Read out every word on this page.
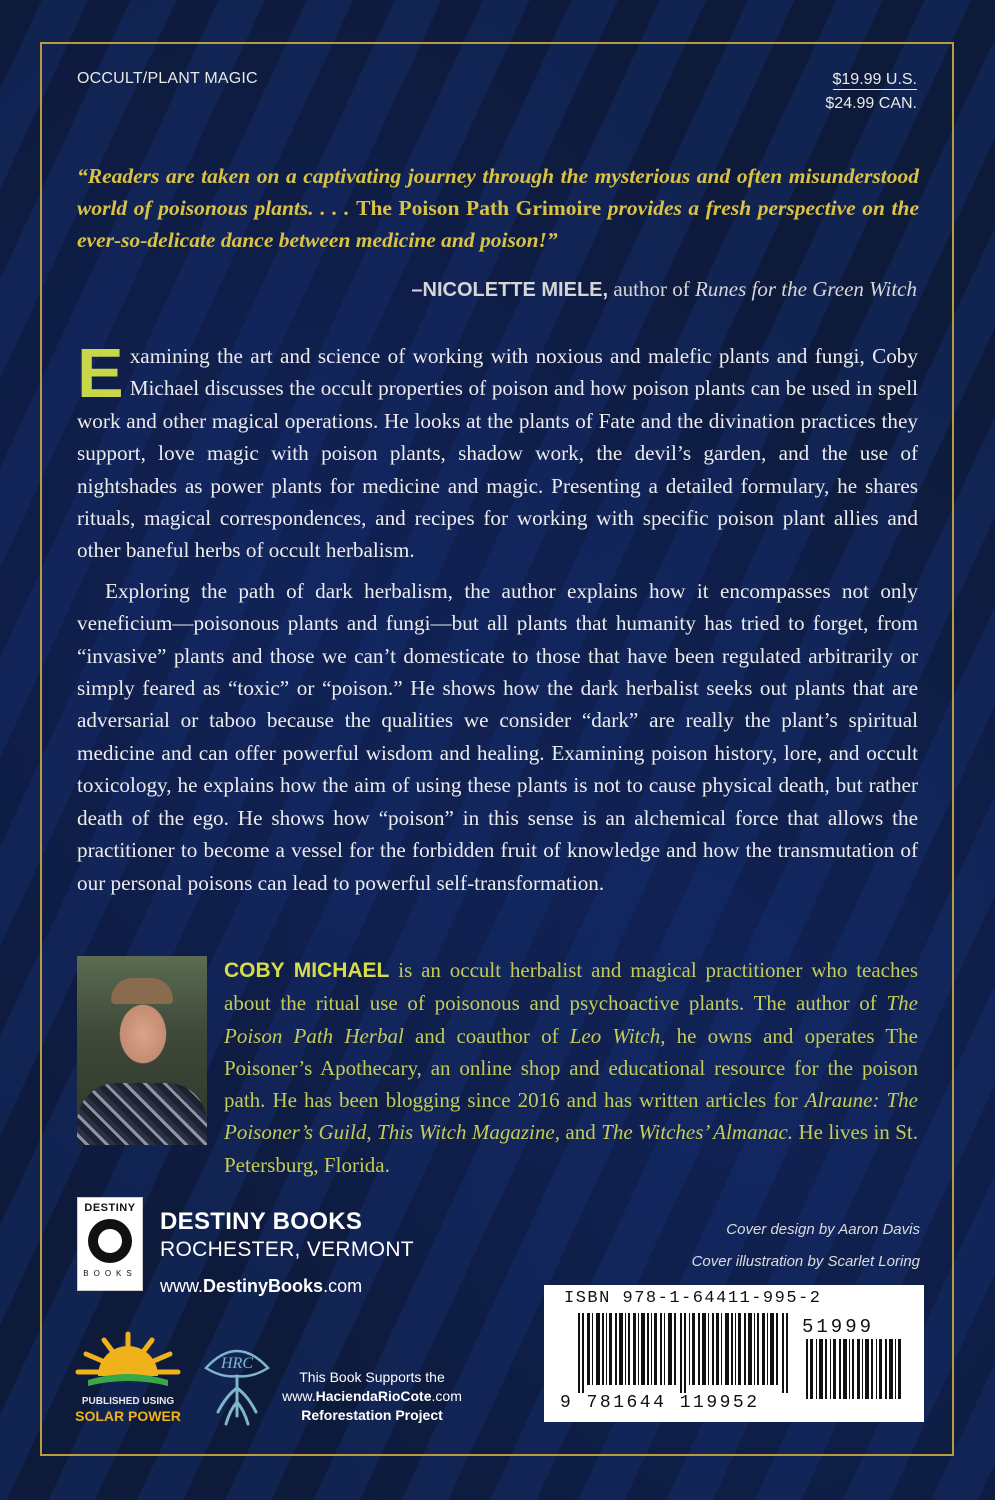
OCCULT/PLANT MAGIC	$19.99 U.S.
$24.99 CAN.
“Readers are taken on a captivating journey through the mysterious and often misunderstood world of poisonous plants. . . . The Poison Path Grimoire provides a fresh perspective on the ever-so-delicate dance between medicine and poison!”
–NICOLETTE MIELE, author of Runes for the Green Witch

Examining the art and science of working with noxious and malefic plants and fungi, Coby Michael discusses the occult properties of poison and how poison plants can be used in spell work and other magical operations. He looks at the plants of Fate and the divination practices they support, love magic with poison plants, shadow work, the devil’s garden, and the use of nightshades as power plants for medicine and magic. Presenting a detailed formulary, he shares rituals, magical correspondences, and recipes for working with specific poison plant allies and other baneful herbs of occult herbalism.

Exploring the path of dark herbalism, the author explains how it encompasses not only veneficium—poisonous plants and fungi—but all plants that humanity has tried to forget, from “invasive” plants and those we can’t domesticate to those that have been regulated arbitrarily or simply feared as “toxic” or “poison.” He shows how the dark herbalist seeks out plants that are adversarial or taboo because the qualities we consider “dark” are really the plant’s spiritual medicine and can offer powerful wisdom and healing. Examining poison history, lore, and occult toxicology, he explains how the aim of using these plants is not to cause physical death, but rather death of the ego. He shows how “poison” in this sense is an alchemical force that allows the practitioner to become a vessel for the forbidden fruit of knowledge and how the transmutation of our personal poisons can lead to powerful self-transformation.

COBY MICHAEL is an occult herbalist and magical practitioner who teaches about the ritual use of poisonous and psychoactive plants. The author of The Poison Path Herbal and coauthor of Leo Witch, he owns and operates The Poisoner’s Apothecary, an online shop and educational resource for the poison path. He has been blogging since 2016 and has written articles for Alraune: The Poisoner’s Guild, This Witch Magazine, and The Witches’ Almanac. He lives in St. Petersburg, Florida.
DESTINY
BOOKS
DESTINY BOOKS
ROCHESTER, VERMONT
www.DestinyBooks.com
Cover design by Aaron Davis
Cover illustration by Scarlet Loring
ISBN 978-1-64411-995-2
51999
9 781644 119952
PUBLISHED USING
SOLAR POWER
HRC
This Book Supports the
www.HaciendaRioCote.com
Reforestation Project
